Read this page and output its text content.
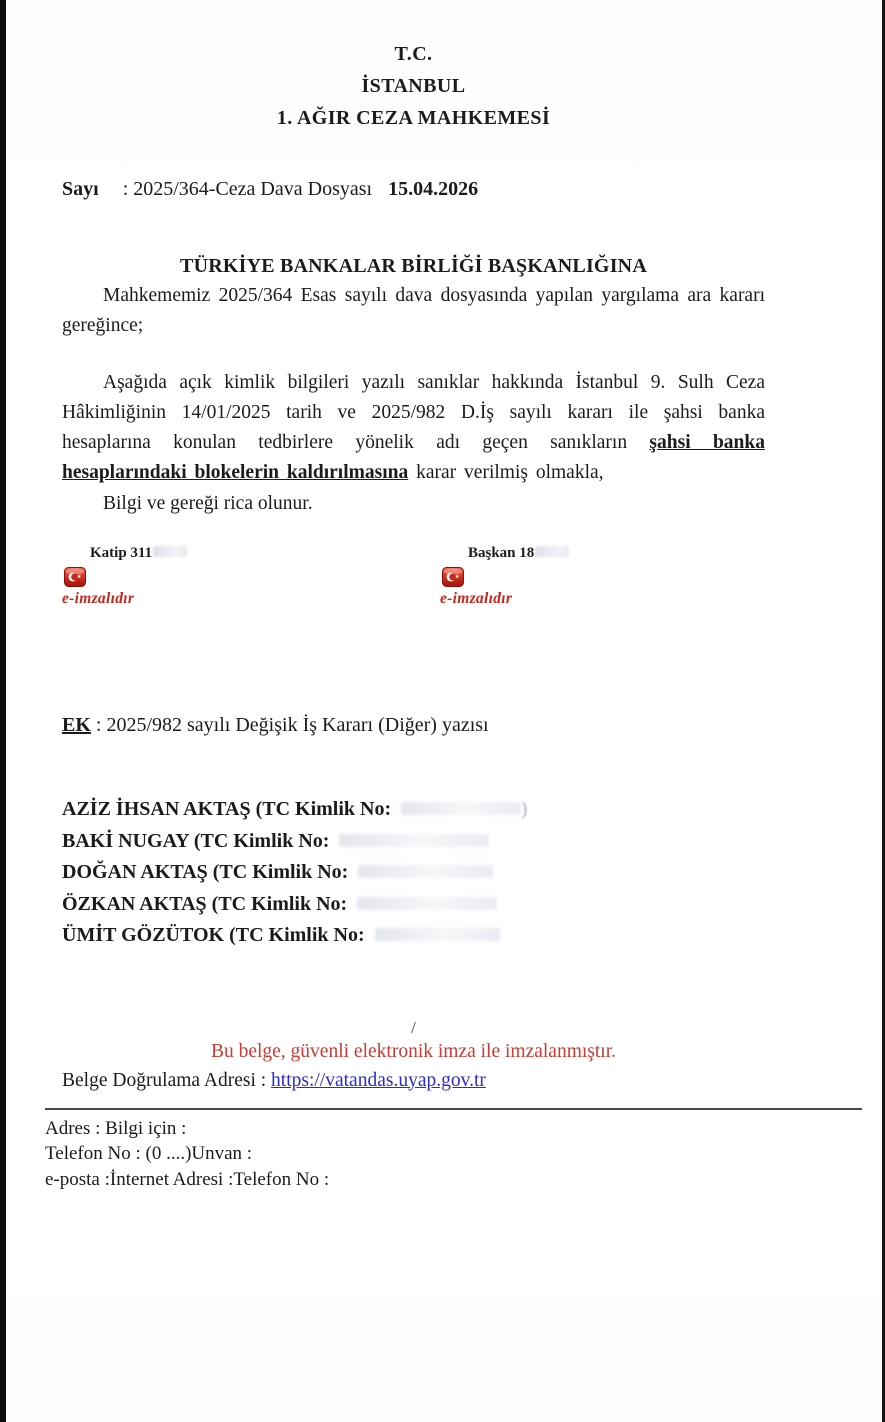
T.C.
İSTANBUL
1. AĞIR CEZA MAHKEMESİ
Sayı : 2025/364-Ceza Dava Dosyası 15.04.2026
TÜRKİYE BANKALAR BİRLİĞİ BAŞKANLIĞINA

Mahkememiz 2025/364 Esas sayılı dava dosyasında yapılan yargılama ara kararı gereğince;

Aşağıda açık kimlik bilgileri yazılı sanıklar hakkında İstanbul 9. Sulh Ceza Hâkimliğinin 14/01/2025 tarih ve 2025/982 D.İş sayılı kararı ile şahsi banka hesaplarına konulan tedbirlere yönelik adı geçen sanıkların şahsi banka hesaplarındaki blokelerin kaldırılmasına karar verilmiş olmakla,

Bilgi ve gereği rica olunur.
Katip 311
e-imzalıdır
Başkan 18
e-imzalıdır
EK : 2025/982 sayılı Değişik İş Kararı (Diğer) yazısı
AZİZ İHSAN AKTAŞ (TC Kimlik No:	)
BAKİ NUGAY (TC Kimlik No:
DOĞAN AKTAŞ (TC Kimlik No:
ÖZKAN AKTAŞ (TC Kimlik No:
ÜMİT GÖZÜTOK (TC Kimlik No:
/
Bu belge, güvenli elektronik imza ile imzalanmıştır.
Belge Doğrulama Adresi : https://vatandas.uyap.gov.tr
Adres : Bilgi için :
Telefon No : (0 ....)Unvan :
e-posta :İnternet Adresi :Telefon No :
